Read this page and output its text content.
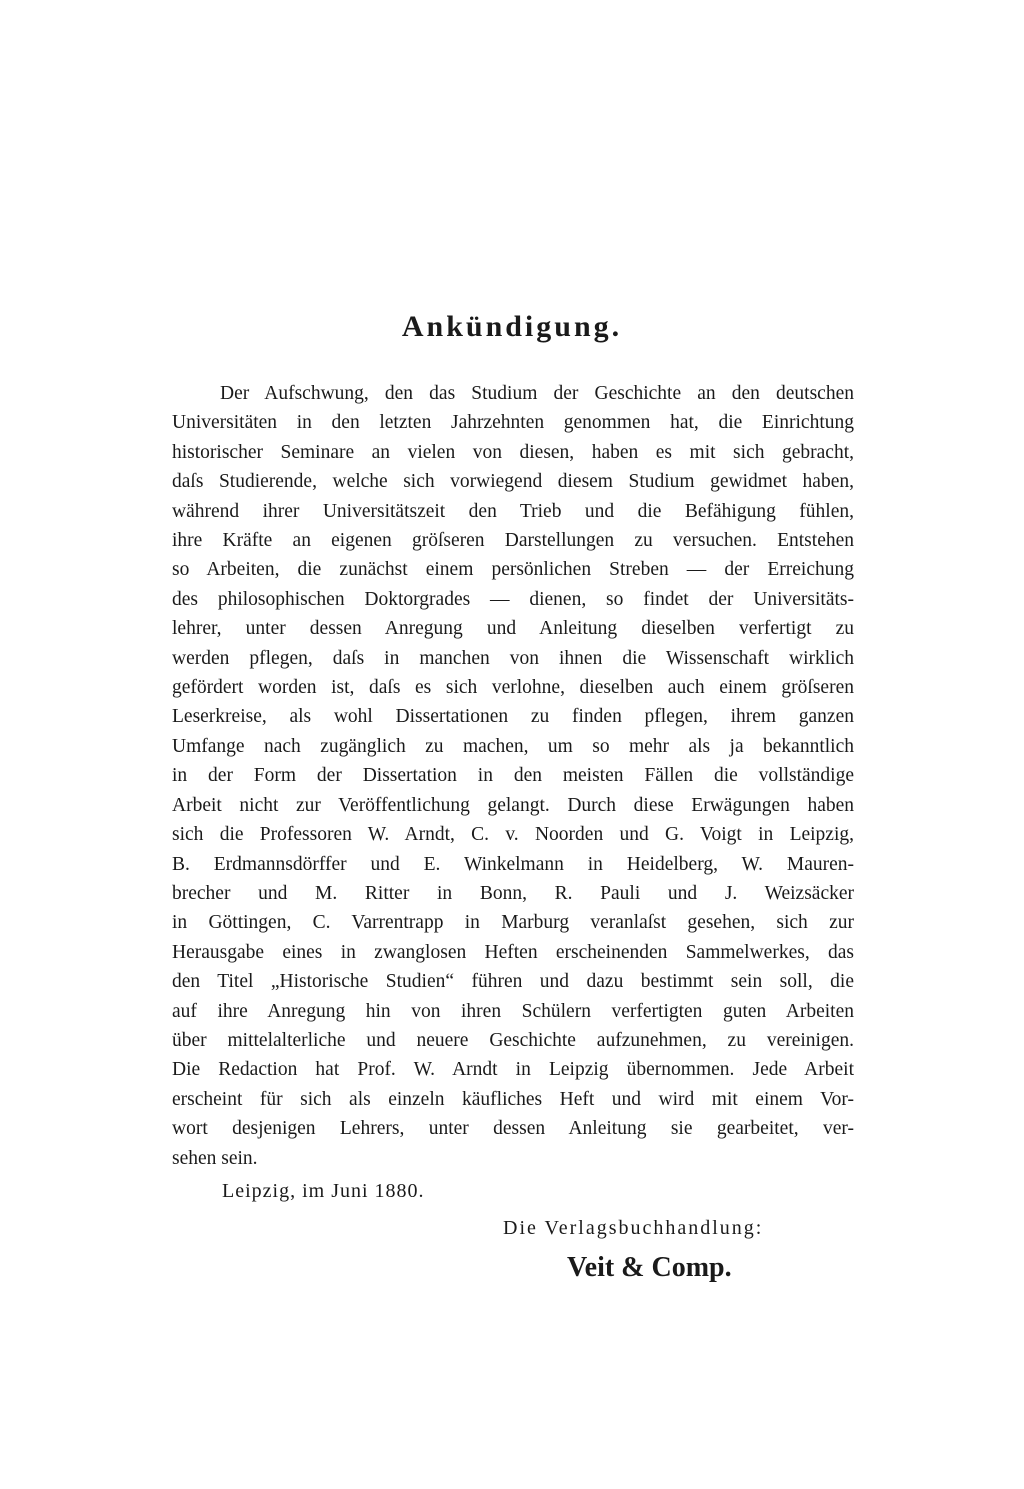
Ankündigung.
Der Aufschwung, den das Studium der Geschichte an den deutschen
Universitäten in den letzten Jahrzehnten genommen hat, die Einrichtung
historischer Seminare an vielen von diesen, haben es mit sich gebracht,
daſs Studierende, welche sich vorwiegend diesem Studium gewidmet haben,
während ihrer Universitätszeit den Trieb und die Befähigung fühlen,
ihre Kräfte an eigenen gröſseren Darstellungen zu versuchen. Entstehen
so Arbeiten, die zunächst einem persönlichen Streben — der Erreichung
des philosophischen Doktorgrades — dienen, so findet der Universitäts-
lehrer, unter dessen Anregung und Anleitung dieselben verfertigt zu
werden pflegen, daſs in manchen von ihnen die Wissenschaft wirklich
gefördert worden ist, daſs es sich verlohne, dieselben auch einem gröſseren
Leserkreise, als wohl Dissertationen zu finden pflegen, ihrem ganzen
Umfange nach zugänglich zu machen, um so mehr als ja bekanntlich
in der Form der Dissertation in den meisten Fällen die vollständige
Arbeit nicht zur Veröffentlichung gelangt. Durch diese Erwägungen haben
sich die Professoren W. Arndt, C. v. Noorden und G. Voigt in Leipzig,
B. Erdmannsdörffer und E. Winkelmann in Heidelberg, W. Mauren-
brecher und M. Ritter in Bonn, R. Pauli und J. Weizsäcker
in Göttingen, C. Varrentrapp in Marburg veranlaſst gesehen, sich zur
Herausgabe eines in zwanglosen Heften erscheinenden Sammelwerkes, das
den Titel „Historische Studien“ führen und dazu bestimmt sein soll, die
auf ihre Anregung hin von ihren Schülern verfertigten guten Arbeiten
über mittelalterliche und neuere Geschichte aufzunehmen, zu vereinigen.
Die Redaction hat Prof. W. Arndt in Leipzig übernommen. Jede Arbeit
erscheint für sich als einzeln käufliches Heft und wird mit einem Vor-
wort desjenigen Lehrers, unter dessen Anleitung sie gearbeitet, ver-
sehen sein.

Leipzig, im Juni 1880.

Die Verlagsbuchhandlung:

Veit & Comp.
